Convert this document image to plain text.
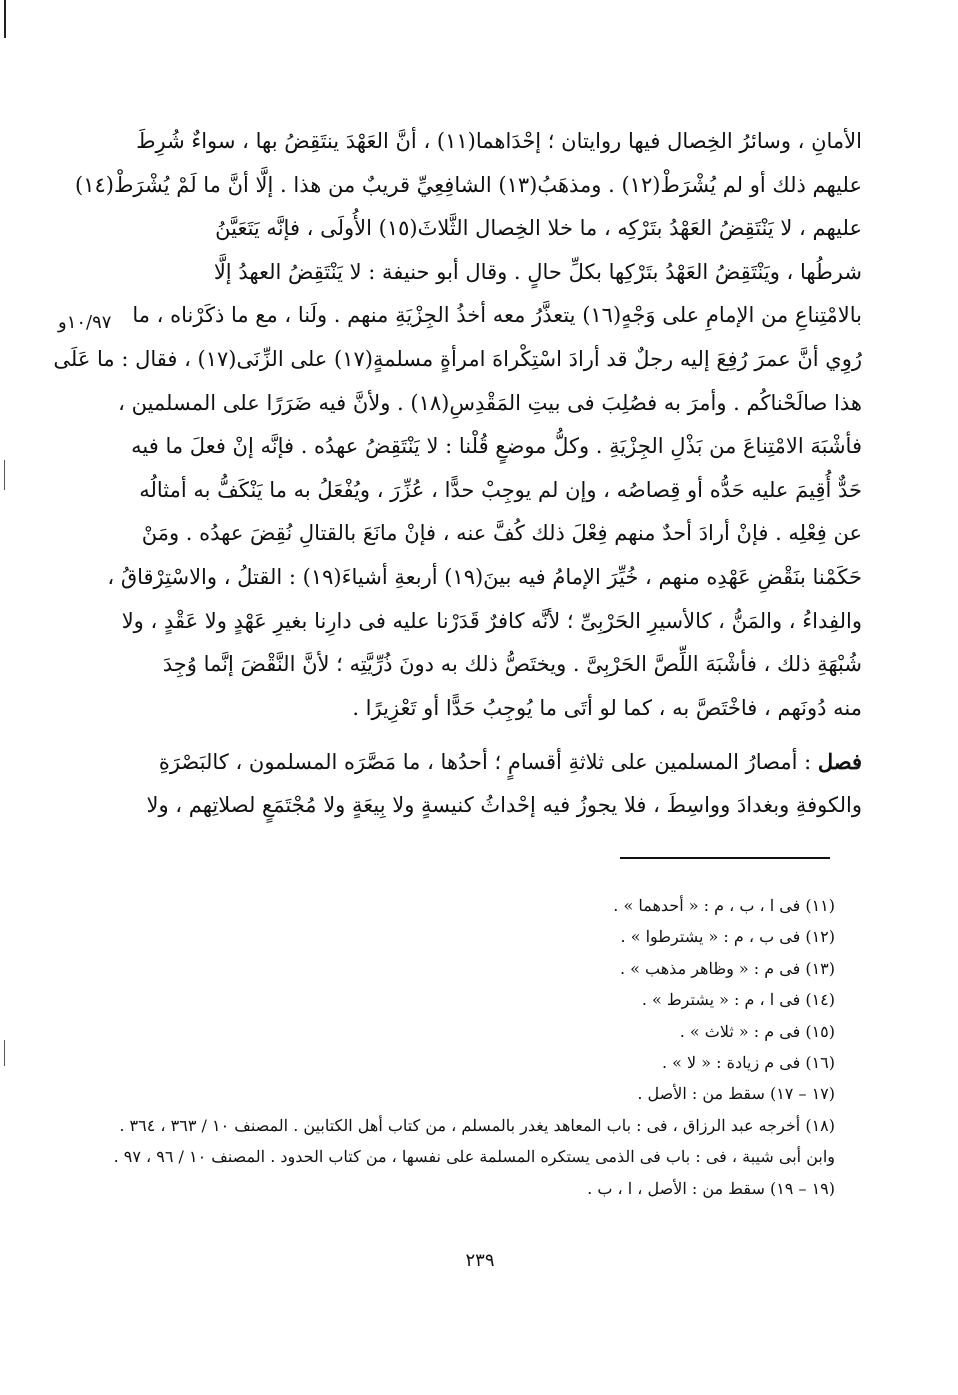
الأمانِ ، وسائرُ الخِصال فيها روايتان ؛ إحْدَاهما(١١) ، أنَّ العَهْدَ ينتَقِضُ بها ، سواءٌ شُرِطَ
عليهم ذلك أو لم يُشْرَطْ(١٢) . ومذهَبُ(١٣) الشافِعِيِّ قريبٌ من هذا . إلَّا أنَّ ما لَمْ يُشْرَطْ(١٤)
عليهم ، لا يَنْتَقِضُ العَهْدُ بتَرْكِه ، ما خلا الخِصال الثَّلاثَ(١٥) الأُولَى ، فإنَّه يَتَعَيَّنُ
شرطُها ، ويَنْتَقِضُ العَهْدُ بتَرْكِها بكلِّ حالٍ . وقال أبو حنيفة : لا يَنْتَقِضُ العهدُ إلَّا
بالامْتِناعِ من الإمامِ على وَجْهٍ(١٦) يتعذَّرُ معه أخذُ الجِزْيَةِ منهم . ولَنا ، مع ما ذكَرْناه ، ما
رُوِي أنَّ عمرَ رُفِعَ إليه رجلٌ قد أرادَ اسْتِكْراهَ امرأةٍ مسلمةٍ(١٧) على الزِّنَى(١٧) ، فقال : ما عَلَى
هذا صالَحْناكُم . وأمرَ به فصُلِبَ فى بيتِ المَقْدِسِ(١٨) . ولأنَّ فيه ضَرَرًا على المسلمين ،
فأشْبَهَ الامْتِناعَ من بَذْلِ الجِزْيَةِ . وكلُّ موضعٍ قُلْنا : لا يَنْتَقِضُ عهدُه . فإنَّه إنْ فعلَ ما فيه
حَدٌّ أُقِيمَ عليه حَدُّه أو قِصاصُه ، وإن لم يوجِبْ حدًّا ، عُزِّرَ ، ويُفْعَلُ به ما يَنْكَفُّ به أمثالُه
عن فِعْلِه . فإنْ أرادَ أحدٌ منهم فِعْلَ ذلك كُفَّ عنه ، فإنْ مانَعَ بالقتالِ نُقِضَ عهدُه . ومَنْ
حَكَمْنا بنَقْضِ عَهْدِه منهم ، خُيِّرَ الإمامُ فيه بينَ(١٩) أربعةِ أشياءَ(١٩) : القتلُ ، والاسْتِرْقاقُ ،
والفِداءُ ، والمَنُّ ، كالأسيرِ الحَرْبِىِّ ؛ لأنَّه كافرٌ قَدَرْنا عليه فى دارِنا بغيرِ عَهْدٍ ولا عَقْدٍ ، ولا
شُبْهَةِ ذلك ، فأشْبَهَ اللِّصَّ الحَرْبِىَّ . ويختَصُّ ذلك به دونَ ذُرِّيَّتِه ؛ لأنَّ النَّقْضَ إنَّما وُجِدَ
منه دُونَهم ، فاخْتَصَّ به ، كما لو أتَى ما يُوجِبُ حَدًّا أو تَعْزِيرًا .
١٠/٩٧و
فصل : أمصارُ المسلمين على ثلاثةِ أقسامٍ ؛ أحدُها ، ما مَصَّرَه المسلمون ، كالبَصْرَةِ
والكوفةِ وبغدادَ وواسِطَ ، فلا يجوزُ فيه إحْداثُ كنيسةٍ ولا بِيعَةٍ ولا مُجْتَمَعٍ لصلاتِهم ، ولا
(١١) فى ا ، ب ، م : « أحدهما » .
(١٢) فى ب ، م : « يشترطوا » .
(١٣) فى م : « وظاهر مذهب » .
(١٤) فى ا ، م : « يشترط » .
(١٥) فى م : « ثلاث » .
(١٦) فى م زيادة : « لا » .
(١٧ – ١٧) سقط من : الأصل .
(١٨) أخرجه عبد الرزاق ، فى : باب المعاهد يغدر بالمسلم ، من كتاب أهل الكتابين . المصنف ١٠ / ٣٦٣ ، ٣٦٤ .
وابن أبى شيبة ، فى : باب فى الذمى يستكره المسلمة على نفسها ، من كتاب الحدود . المصنف ١٠ / ٩٦ ، ٩٧ .
(١٩ – ١٩) سقط من : الأصل ، ا ، ب .
٢٣٩
